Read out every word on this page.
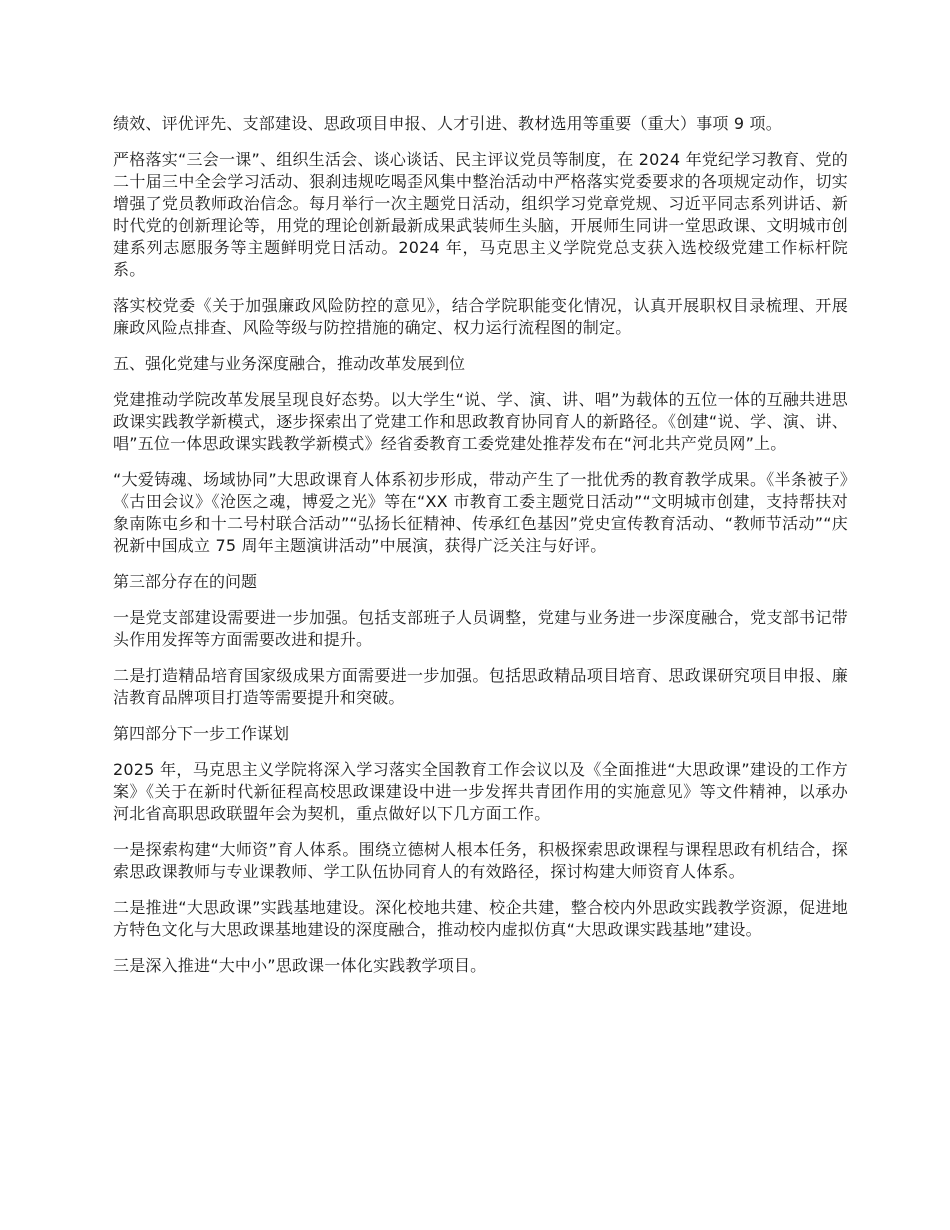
绩效、评优评先、支部建设、思政项目申报、人才引进、教材选用等重要（重大）事项 9 项。

严格落实“三会一课”、组织生活会、谈心谈话、民主评议党员等制度，在 2024 年党纪学习教育、党的二十届三中全会学习活动、狠刹违规吃喝歪风集中整治活动中严格落实党委要求的各项规定动作，切实增强了党员教师政治信念。每月举行一次主题党日活动，组织学习党章党规、习近平同志系列讲话、新时代党的创新理论等，用党的理论创新最新成果武装师生头脑，开展师生同讲一堂思政课、文明城市创建系列志愿服务等主题鲜明党日活动。2024 年，马克思主义学院党总支获入选校级党建工作标杆院系。

落实校党委《关于加强廉政风险防控的意见》，结合学院职能变化情况，认真开展职权目录梳理、开展廉政风险点排查、风险等级与防控措施的确定、权力运行流程图的制定。

五、强化党建与业务深度融合，推动改革发展到位

党建推动学院改革发展呈现良好态势。以大学生“说、学、演、讲、唱”为载体的五位一体的互融共进思政课实践教学新模式，逐步探索出了党建工作和思政教育协同育人的新路径。《创建“说、学、演、讲、唱”五位一体思政课实践教学新模式》经省委教育工委党建处推荐发布在“河北共产党员网”上。

“大爱铸魂、场域协同”大思政课育人体系初步形成，带动产生了一批优秀的教育教学成果。《半条被子》《古田会议》《沧医之魂，博爱之光》等在“XX 市教育工委主题党日活动”“文明城市创建，支持帮扶对象南陈屯乡和十二号村联合活动”“弘扬长征精神、传承红色基因”党史宣传教育活动、“教师节活动”“庆祝新中国成立 75 周年主题演讲活动”中展演，获得广泛关注与好评。

第三部分存在的问题

一是党支部建设需要进一步加强。包括支部班子人员调整，党建与业务进一步深度融合，党支部书记带头作用发挥等方面需要改进和提升。

二是打造精品培育国家级成果方面需要进一步加强。包括思政精品项目培育、思政课研究项目申报、廉洁教育品牌项目打造等需要提升和突破。

第四部分下一步工作谋划

2025 年，马克思主义学院将深入学习落实全国教育工作会议以及《全面推进“大思政课”建设的工作方案》《关于在新时代新征程高校思政课建设中进一步发挥共青团作用的实施意见》等文件精神，以承办河北省高职思政联盟年会为契机，重点做好以下几方面工作。

一是探索构建“大师资”育人体系。围绕立德树人根本任务，积极探索思政课程与课程思政有机结合，探索思政课教师与专业课教师、学工队伍协同育人的有效路径，探讨构建大师资育人体系。

二是推进“大思政课”实践基地建设。深化校地共建、校企共建，整合校内外思政实践教学资源，促进地方特色文化与大思政课基地建设的深度融合，推动校内虚拟仿真“大思政课实践基地”建设。

三是深入推进“大中小”思政课一体化实践教学项目。
